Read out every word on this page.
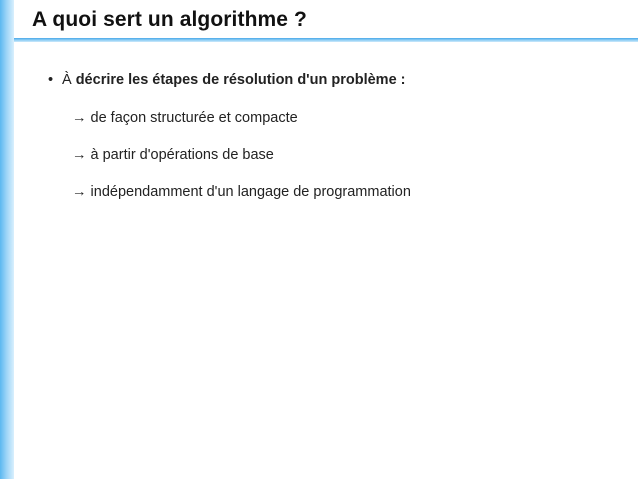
A quoi sert un algorithme ?
• À décrire les étapes de résolution d'un problème :
→ de façon structurée et compacte
→ à partir d'opérations de base
→ indépendamment d'un langage de programmation
